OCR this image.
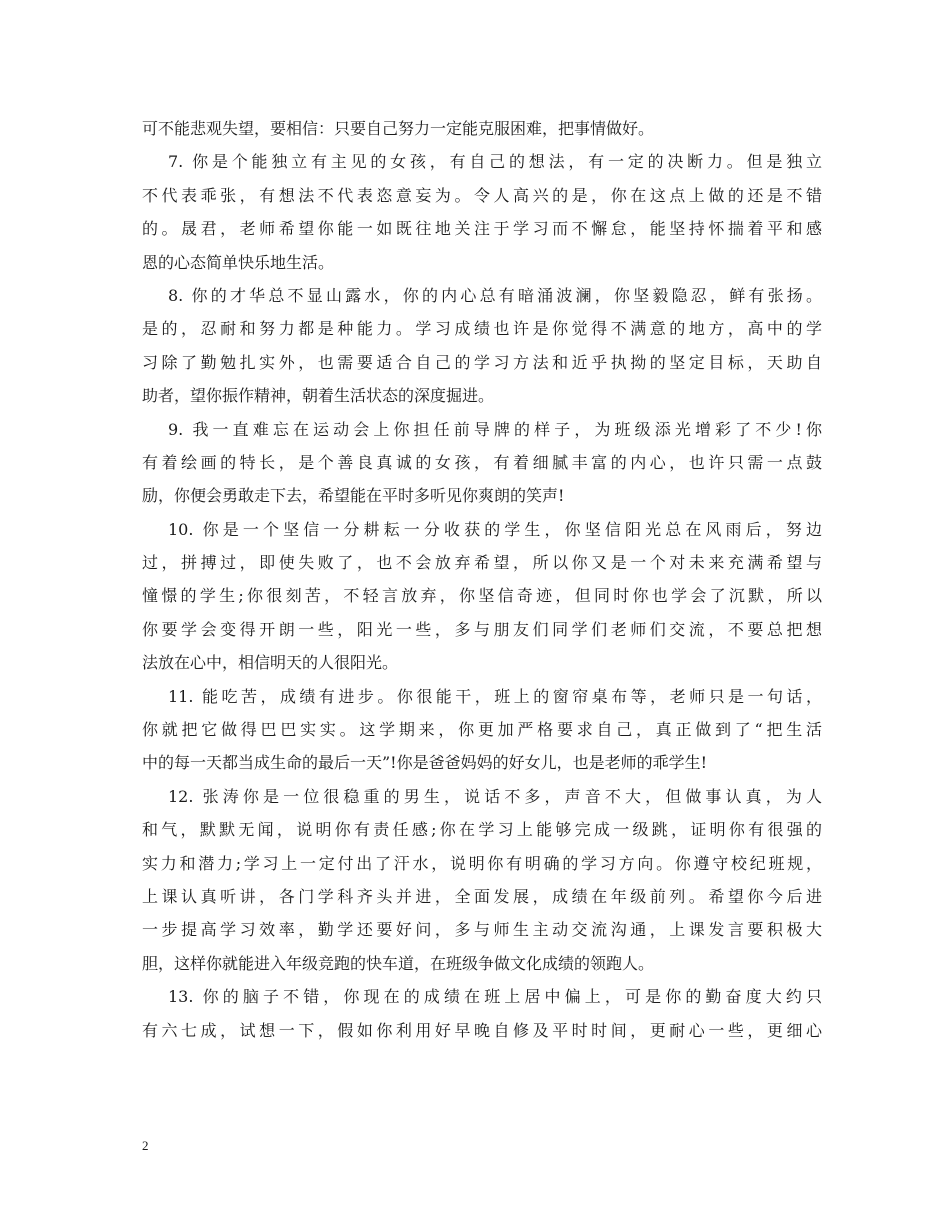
可不能悲观失望，要相信：只要自己努力一定能克服困难，把事情做好。
7. 你是个能独立有主见的女孩，有自己的想法，有一定的决断力。但是独立
不代表乖张，有想法不代表恣意妄为。令人高兴的是，你在这点上做的还是不错
的。晟君，老师希望你能一如既往地关注于学习而不懈怠，能坚持怀揣着平和感
恩的心态简单快乐地生活。
8. 你的才华总不显山露水，你的内心总有暗涌波澜，你坚毅隐忍，鲜有张扬。
是的，忍耐和努力都是种能力。学习成绩也许是你觉得不满意的地方，高中的学
习除了勤勉扎实外，也需要适合自己的学习方法和近乎执拗的坚定目标，天助自
助者，望你振作精神，朝着生活状态的深度掘进。
9. 我一直难忘在运动会上你担任前导牌的样子，为班级添光增彩了不少!你
有着绘画的特长，是个善良真诚的女孩，有着细腻丰富的内心，也许只需一点鼓
励，你便会勇敢走下去，希望能在平时多听见你爽朗的笑声!
10. 你是一个坚信一分耕耘一分收获的学生，你坚信阳光总在风雨后，努边
过，拼搏过，即使失败了，也不会放弃希望，所以你又是一个对未来充满希望与
憧憬的学生;你很刻苦，不轻言放弃，你坚信奇迹，但同时你也学会了沉默，所以
你要学会变得开朗一些，阳光一些，多与朋友们同学们老师们交流，不要总把想
法放在心中，相信明天的人很阳光。
11. 能吃苦，成绩有进步。你很能干，班上的窗帘桌布等，老师只是一句话，
你就把它做得巴巴实实。这学期来，你更加严格要求自己，真正做到了“把生活
中的每一天都当成生命的最后一天”!你是爸爸妈妈的好女儿，也是老师的乖学生!
12. 张涛你是一位很稳重的男生，说话不多，声音不大，但做事认真，为人
和气，默默无闻，说明你有责任感;你在学习上能够完成一级跳，证明你有很强的
实力和潜力;学习上一定付出了汗水，说明你有明确的学习方向。你遵守校纪班规，
上课认真听讲，各门学科齐头并进，全面发展，成绩在年级前列。希望你今后进
一步提高学习效率，勤学还要好问，多与师生主动交流沟通，上课发言要积极大
胆，这样你就能进入年级竞跑的快车道，在班级争做文化成绩的领跑人。
13. 你的脑子不错，你现在的成绩在班上居中偏上，可是你的勤奋度大约只
有六七成，试想一下，假如你利用好早晚自修及平时时间，更耐心一些，更细心
2
